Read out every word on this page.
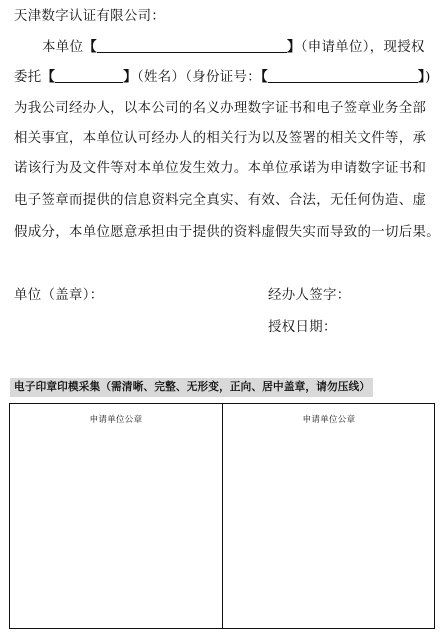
天津数字认证有限公司：
本单位【	】（申请单位），现授权
委托【	】（姓名）（身份证号：【	】)
为我公司经办人，以本公司的名义办理数字证书和电子签章业务全部
相关事宜，本单位认可经办人的相关行为以及签署的相关文件等，承
诺该行为及文件等对本单位发生效力。本单位承诺为申请数字证书和
电子签章而提供的信息资料完全真实、有效、合法，无任何伪造、虚
假成分，本单位愿意承担由于提供的资料虚假失实而导致的一切后果。
单位（盖章）：	经办人签字：
授权日期：
电子印章印模采集（需清晰、完整、无形变，正向、居中盖章，请勿压线）
申请单位公章	申请单位公章
